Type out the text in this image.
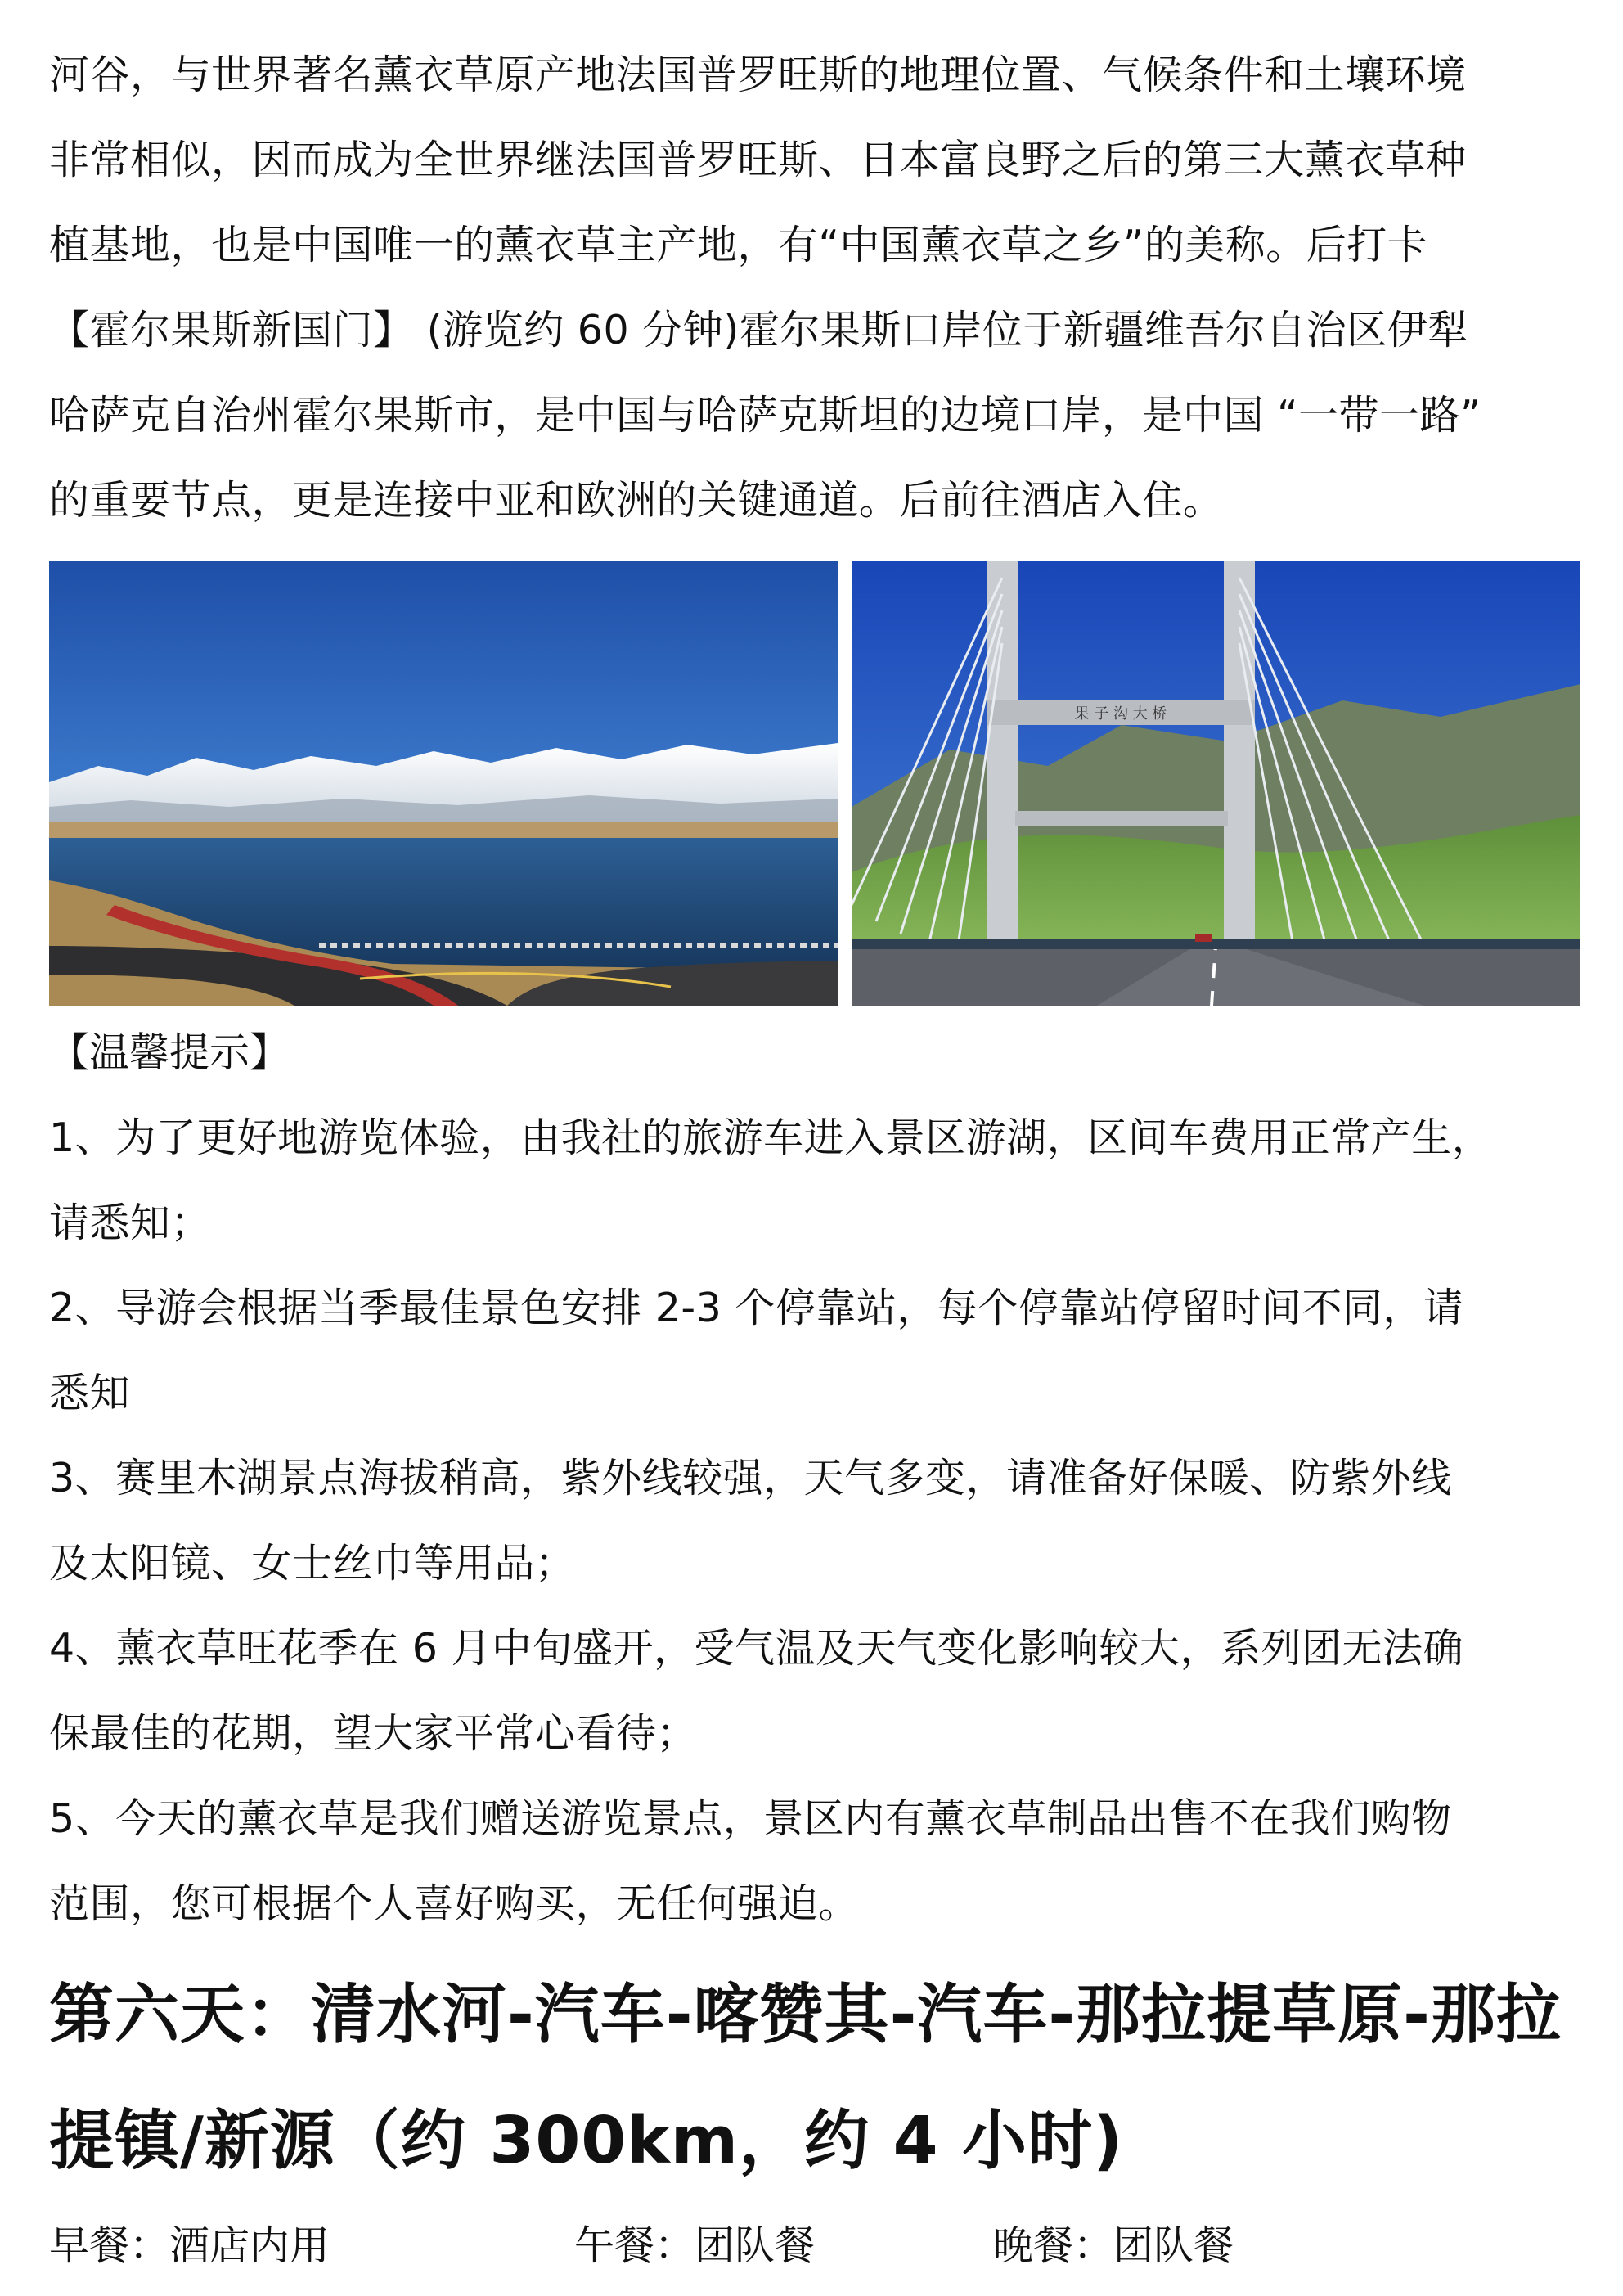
河谷，与世界著名薰衣草原产地法国普罗旺斯的地理位置、气候条件和土壤环境

非常相似，因而成为全世界继法国普罗旺斯、日本富良野之后的第三大薰衣草种

植基地，也是中国唯一的薰衣草主产地，有“中国薰衣草之乡”的美称。后打卡

【霍尔果斯新国门】 (游览约 60 分钟)霍尔果斯口岸位于新疆维吾尔自治区伊犁

哈萨克自治州霍尔果斯市，是中国与哈萨克斯坦的边境口岸，是中国 “一带一路”

的重要节点，更是连接中亚和欧洲的关键通道。后前往酒店入住。

果 子 沟 大 桥

【温馨提示】

1、为了更好地游览体验，由我社的旅游车进入景区游湖，区间车费用正常产生，

请悉知；

2、导游会根据当季最佳景色安排 2-3 个停靠站，每个停靠站停留时间不同，请

悉知

3、赛里木湖景点海拔稍高，紫外线较强，天气多变，请准备好保暖、防紫外线

及太阳镜、女士丝巾等用品；

4、薰衣草旺花季在 6 月中旬盛开，受气温及天气变化影响较大，系列团无法确

保最佳的花期，望大家平常心看待；

5、今天的薰衣草是我们赠送游览景点，景区内有薰衣草制品出售不在我们购物

范围，您可根据个人喜好购买，无任何强迫。

第六天：清水河-汽车-喀赞其-汽车-那拉提草原-那拉
提镇/新源（约 300km，约 4 小时)
早餐：酒店内用	午餐：团队餐	晚餐：团队餐
